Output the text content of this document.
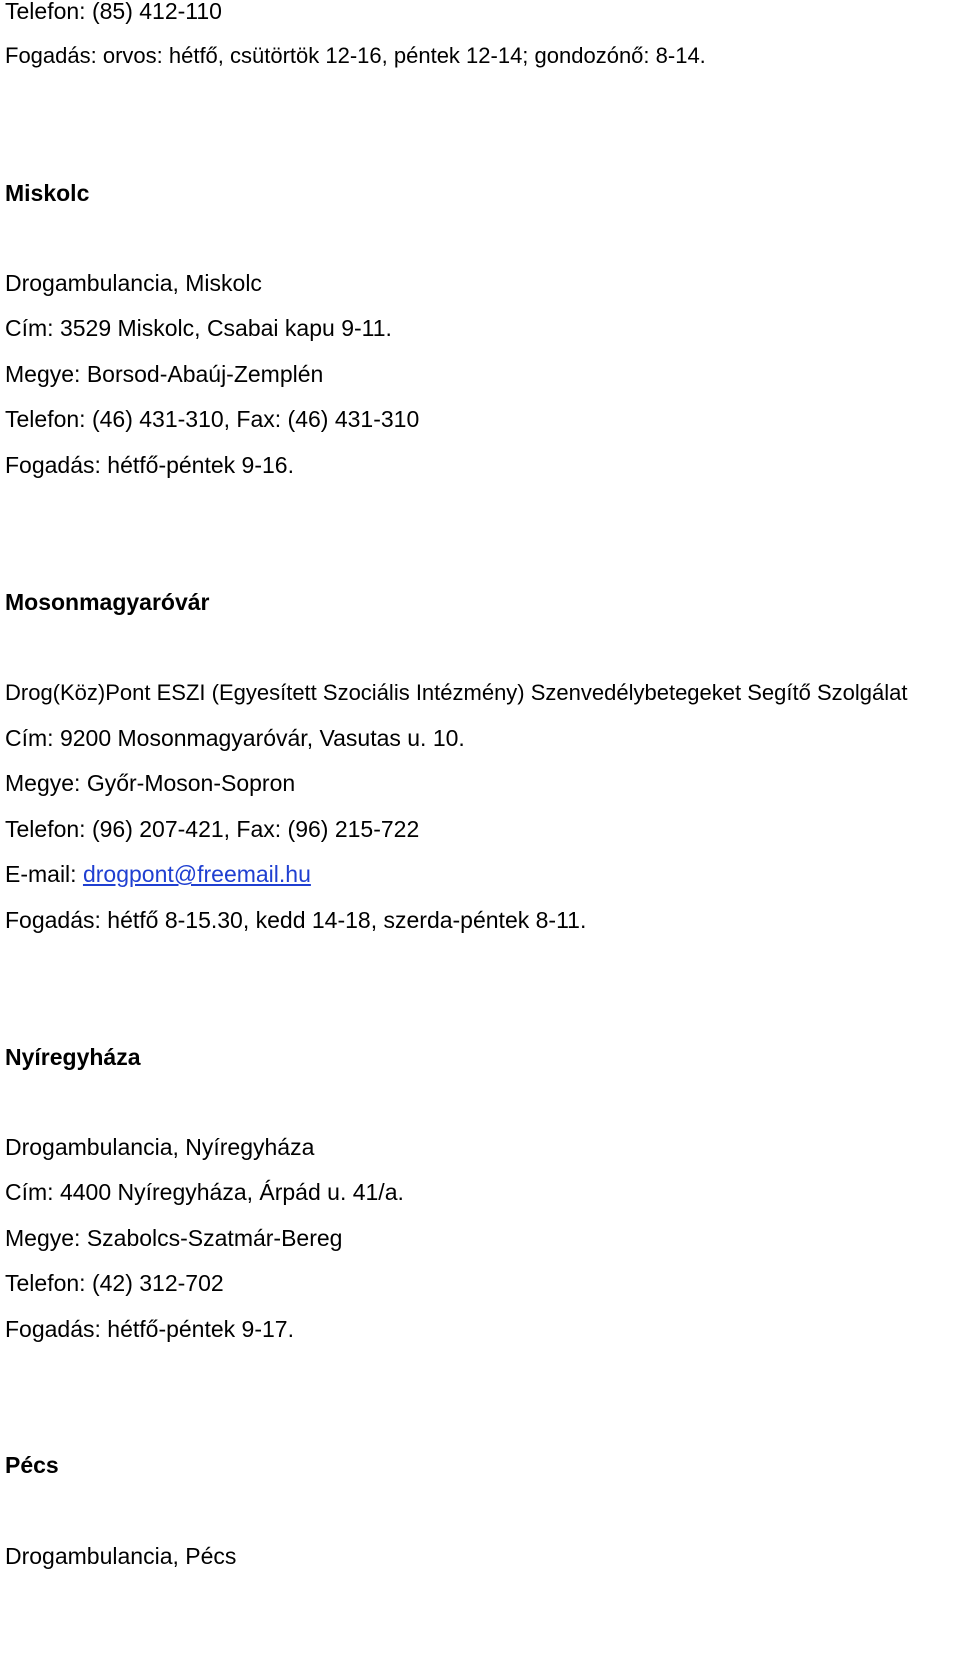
Telefon: (85) 412-110
Fogadás: orvos: hétfő, csütörtök 12-16, péntek 12-14; gondozónő: 8-14.
Miskolc
Drogambulancia, Miskolc
Cím: 3529 Miskolc, Csabai kapu 9-11.
Megye: Borsod-Abaúj-Zemplén
Telefon: (46) 431-310, Fax: (46) 431-310
Fogadás: hétfő-péntek 9-16.
Mosonmagyaróvár
Drog(Köz)Pont ESZI (Egyesített Szociális Intézmény) Szenvedélybetegeket Segítő Szolgálat
Cím: 9200 Mosonmagyaróvár, Vasutas u. 10.
Megye: Győr-Moson-Sopron
Telefon: (96) 207-421, Fax: (96) 215-722
E-mail: drogpont@freemail.hu
Fogadás: hétfő 8-15.30, kedd 14-18, szerda-péntek 8-11.
Nyíregyháza
Drogambulancia, Nyíregyháza
Cím: 4400 Nyíregyháza, Árpád u. 41/a.
Megye: Szabolcs-Szatmár-Bereg
Telefon: (42) 312-702
Fogadás: hétfő-péntek 9-17.
Pécs
Drogambulancia, Pécs
